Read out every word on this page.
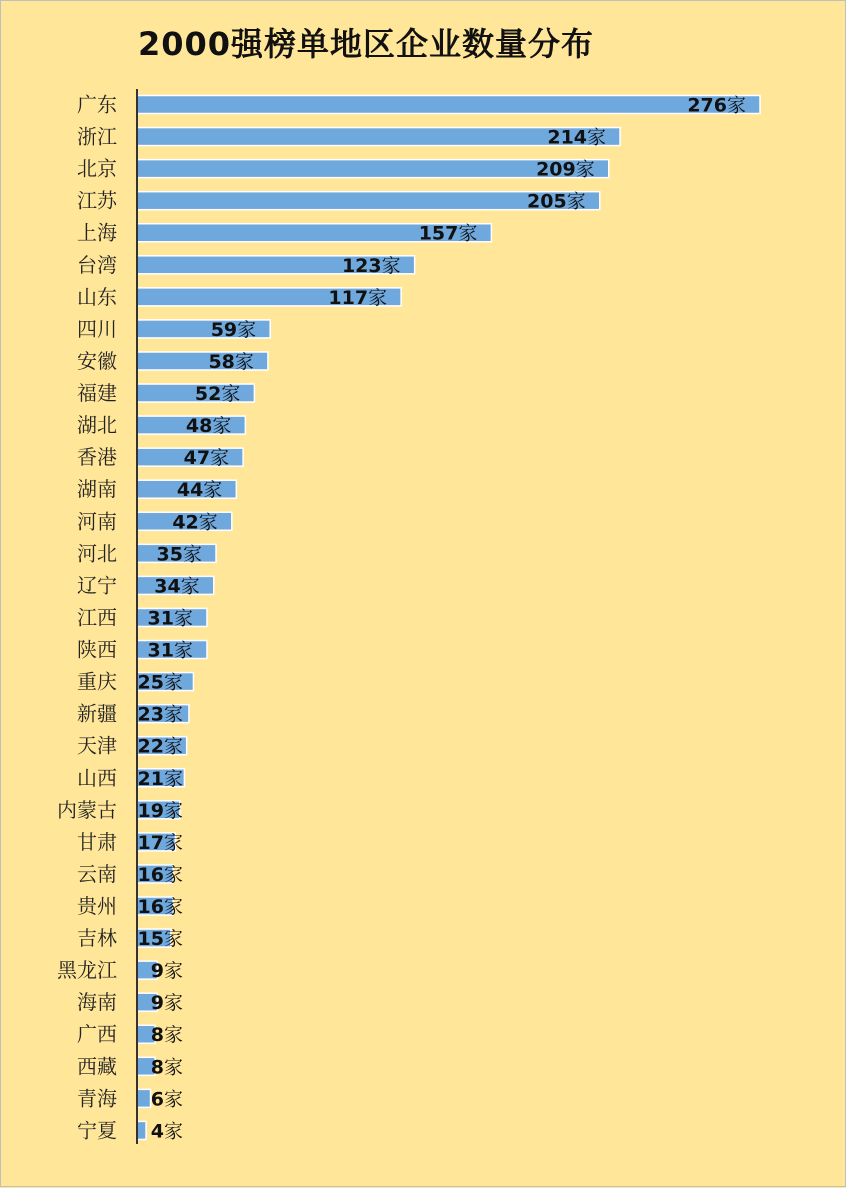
2000强榜单地区企业数量分布
广东	276家
浙江	214家
北京	209家
江苏	205家
上海	157家
台湾	123家
山东	117家
四川	59家
安徽	58家
福建	52家
湖北	48家
香港	47家
湖南	44家
河南	42家
河北 35家
辽宁 34家
江西 31家
陕西 31家
重庆 25家
新疆 23家
天津 22家
山西 21家
内蒙古 19家
甘肃 17家
云南 16家
贵州 16家
吉林 15家
黑龙江 9家
海南 9家
广西 8家
西藏 8家
青海 6家
宁夏 4家
